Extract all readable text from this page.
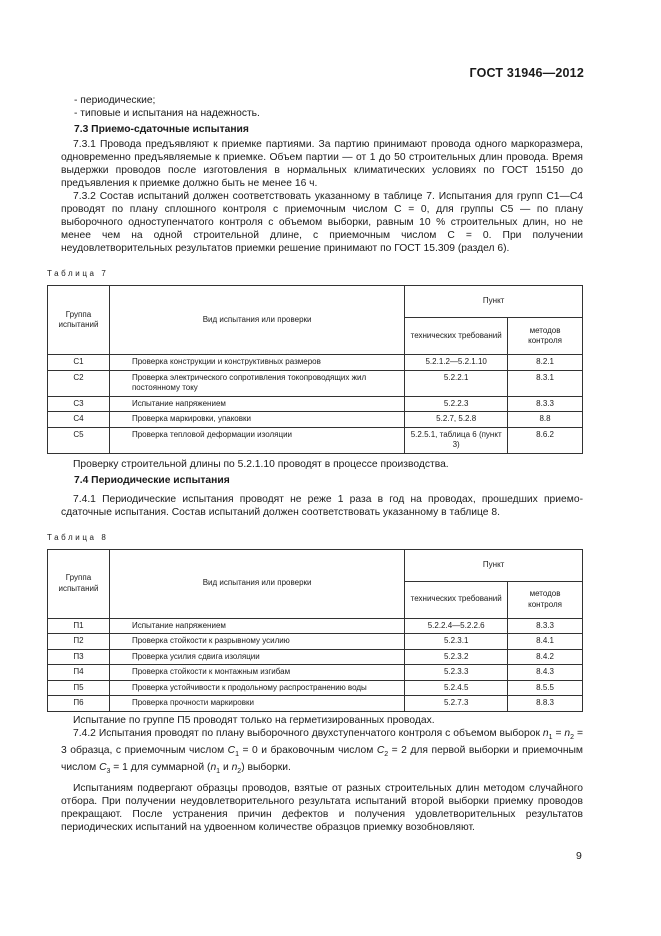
ГОСТ 31946—2012

- периодические;

- типовые и испытания на надежность.

7.3 Приемо-сдаточные испытания

7.3.1 Провода предъявляют к приемке партиями. За партию принимают провода одного маркоразмера, одновременно предъявляемые к приемке. Объем партии — от 1 до 50 строительных длин провода. Время выдержки проводов после изготовления в нормальных климатических условиях по ГОСТ 15150 до предъявления к приемке должно быть не менее 16 ч.

7.3.2 Состав испытаний должен соответствовать указанному в таблице 7. Испытания для групп С1—С4 проводят по плану сплошного контроля с приемочным числом C = 0, для группы С5 — по плану выборочного одноступенчатого контроля с объемом выборки, равным 10 % строительных длин, но не менее чем на одной строительной длине, с приемочным числом C = 0. При получении неудовлетворительных результатов приемки решение принимают по ГОСТ 15.309 (раздел 6).

Таблица 7
Группа испытаний	Вид испытания или проверки	Пункт	
		технических требований	методов контроля
С1	Проверка конструкции и конструктивных размеров	5.2.1.2—5.2.1.10	8.2.1
С2	Проверка электрического сопротивления токопроводящих жил постоянному току	5.2.2.1	8.3.1
С3	Испытание напряжением	5.2.2.3	8.3.3
С4	Проверка маркировки, упаковки	5.2.7, 5.2.8	8.8
С5	Проверка тепловой деформации изоляции	5.2.5.1, таблица 6 (пункт 3)	8.6.2

Проверку строительной длины по 5.2.1.10 проводят в процессе производства.

7.4 Периодические испытания

7.4.1 Периодические испытания проводят не реже 1 раза в год на проводах, прошедших приемо-сдаточные испытания. Состав испытаний должен соответствовать указанному в таблице 8.

Таблица 8
Группа испытаний	Вид испытания или проверки	Пункт	
		технических требований	методов контроля
П1	Испытание напряжением	5.2.2.4—5.2.2.6	8.3.3
П2	Проверка стойкости к разрывному усилию	5.2.3.1	8.4.1
П3	Проверка усилия сдвига изоляции	5.2.3.2	8.4.2
П4	Проверка стойкости к монтажным изгибам	5.2.3.3	8.4.3
П5	Проверка устойчивости к продольному распространению воды	5.2.4.5	8.5.5
П6	Проверка прочности маркировки	5.2.7.3	8.8.3

Испытание по группе П5 проводят только на герметизированных проводах.

7.4.2 Испытания проводят по плану выборочного двухступенчатого контроля с объемом выборок $n_1 = n_2 = 3$ образца, с приемочным числом $C_1 = 0$ и браковочным числом $C_2 = 2$ для первой выборки и приемочным числом $C_3 = 1$ для суммарной ($n_1$ и $n_2$) выборки.

Испытаниям подвергают образцы проводов, взятые от разных строительных длин методом случайного отбора. При получении неудовлетворительного результата испытаний второй выборки приемку проводов прекращают. После устранения причин дефектов и получения удовлетворительных результатов периодических испытаний на удвоенном количестве образцов приемку возобновляют.

9
